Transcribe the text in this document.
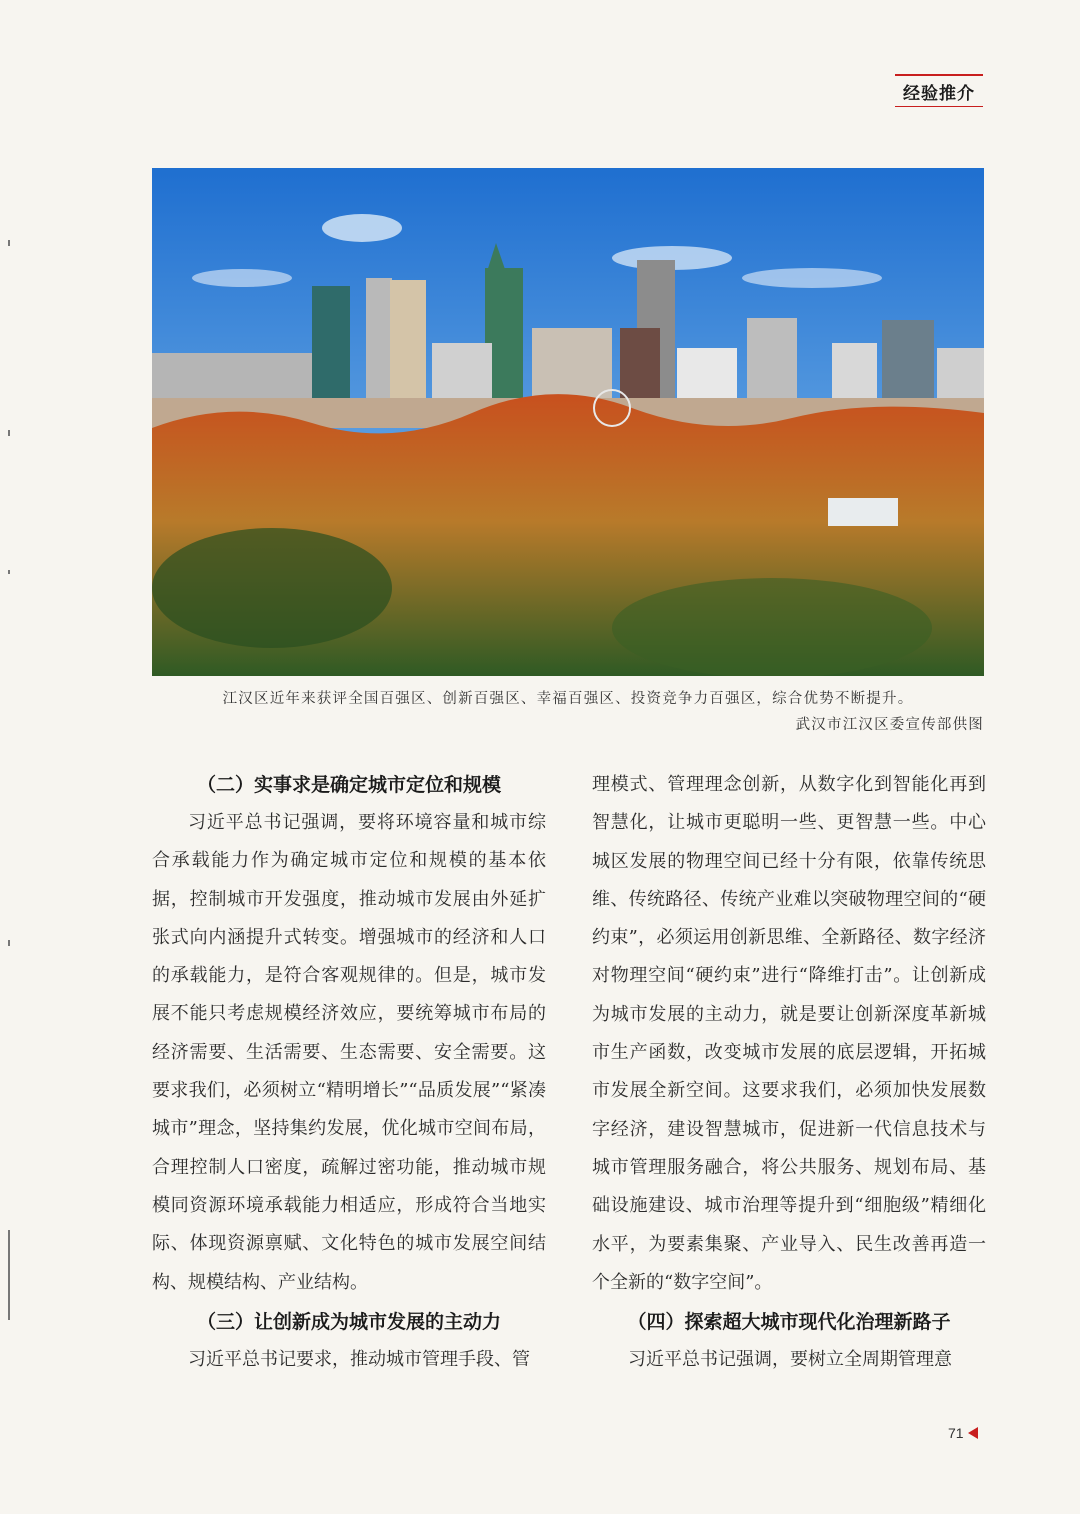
经验推介
江汉区近年来获评全国百强区、创新百强区、幸福百强区、投资竞争力百强区，综合优势不断提升。
武汉市江汉区委宣传部供图
（二）实事求是确定城市定位和规模

习近平总书记强调，要将环境容量和城市综合承载能力作为确定城市定位和规模的基本依据，控制城市开发强度，推动城市发展由外延扩张式向内涵提升式转变。增强城市的经济和人口的承载能力，是符合客观规律的。但是，城市发展不能只考虑规模经济效应，要统筹城市布局的经济需要、生活需要、生态需要、安全需要。这要求我们，必须树立“精明增长”“品质发展”“紧凑城市”理念，坚持集约发展，优化城市空间布局，合理控制人口密度，疏解过密功能，推动城市规模同资源环境承载能力相适应，形成符合当地实际、体现资源禀赋、文化特色的城市发展空间结构、规模结构、产业结构。

（三）让创新成为城市发展的主动力

习近平总书记要求，推动城市管理手段、管

理模式、管理理念创新，从数字化到智能化再到智慧化，让城市更聪明一些、更智慧一些。中心城区发展的物理空间已经十分有限，依靠传统思维、传统路径、传统产业难以突破物理空间的“硬约束”，必须运用创新思维、全新路径、数字经济对物理空间“硬约束”进行“降维打击”。让创新成为城市发展的主动力，就是要让创新深度革新城市生产函数，改变城市发展的底层逻辑，开拓城市发展全新空间。这要求我们，必须加快发展数字经济，建设智慧城市，促进新一代信息技术与城市管理服务融合，将公共服务、规划布局、基础设施建设、城市治理等提升到“细胞级”精细化水平，为要素集聚、产业导入、民生改善再造一个全新的“数字空间”。

（四）探索超大城市现代化治理新路子

习近平总书记强调，要树立全周期管理意

71
